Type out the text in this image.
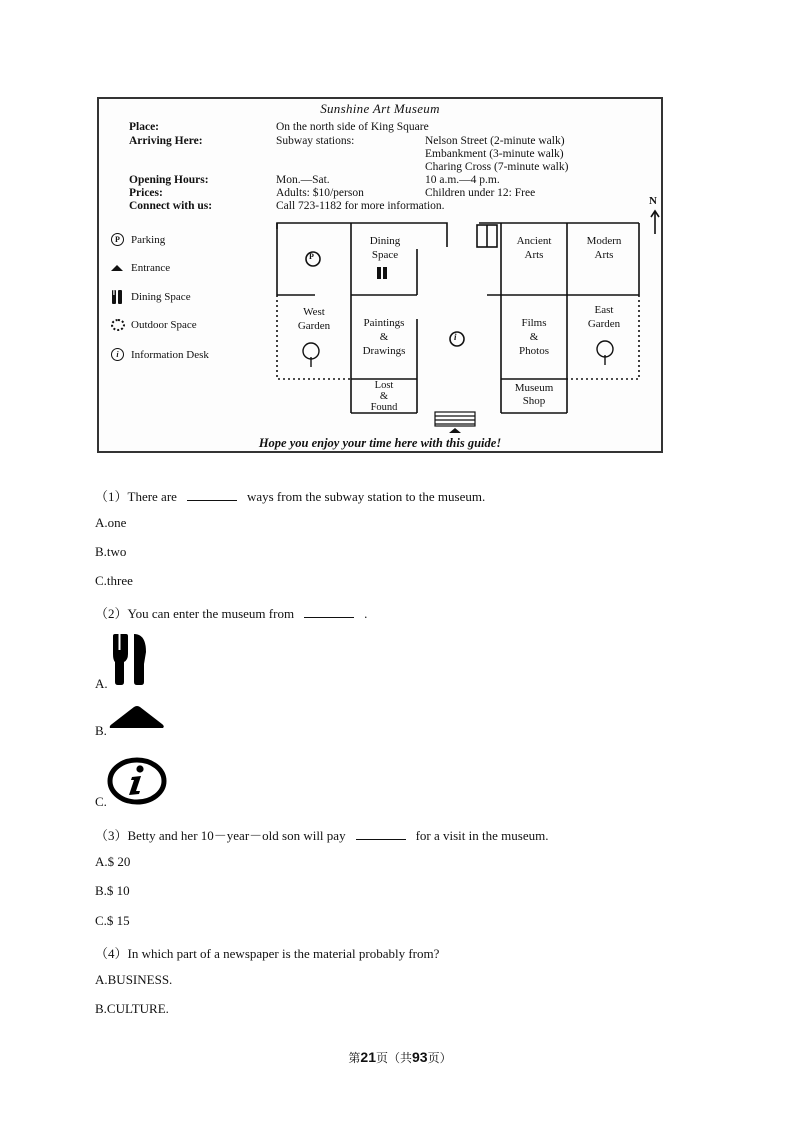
Sunshine Art Museum
Place:	On the north side of King Square
Arriving Here:	Subway stations:	Nelson Street (2-minute walk)
Embankment (3-minute walk)
Charing Cross (7-minute walk)
Opening Hours:	Mon.—Sat.	10 a.m.—4 p.m.
Prices:	Adults: $10/person	Children under 12: Free
Connect with us:	Call 723-1182 for more information.
P	Parking
Entrance
Dining Space
Outdoor Space
i	Information Desk
N
P
i
Dining
Space
Ancient
Arts
Modern
Arts
West
Garden	Paintings
&
Drawings
Films
&
Photos
East
Garden
Lost
&
Found
Museum
Shop
Hope you enjoy your time here with this guide!
（1）There are	ways from the subway station to the museum.
A.one
B.two
C.three
（2）You can enter the museum from	.
A.
B.
C.
（3）Betty and her 10－year－old son will pay	for a visit in the museum.
A.$ 20
B.$ 10
C.$ 15
（4）In which part of a newspaper is the material probably from?
A.BUSINESS.
B.CULTURE.
第21页（共93页）
